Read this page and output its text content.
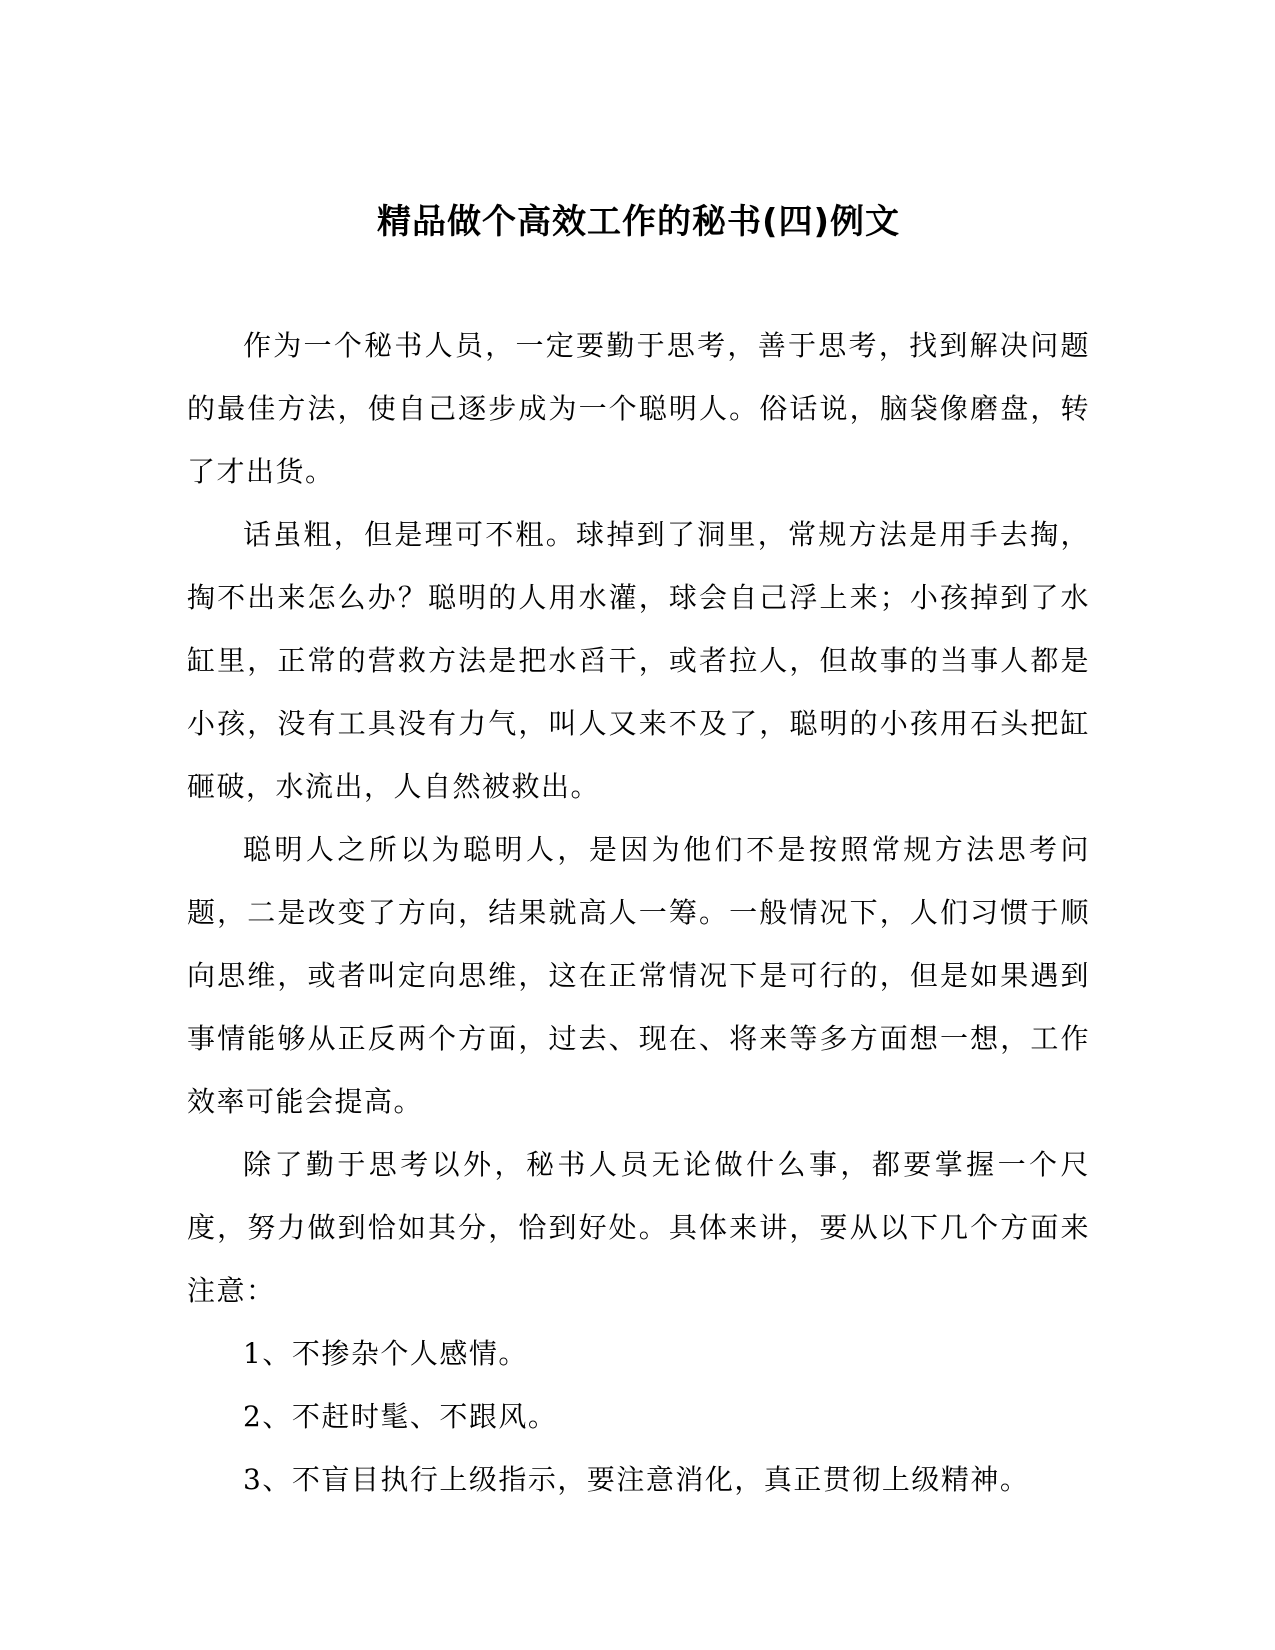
精品做个高效工作的秘书(四)例文

作为一个秘书人员，一定要勤于思考，善于思考，找到解决问题的最佳方法，使自己逐步成为一个聪明人。俗话说，脑袋像磨盘，转了才出货。

话虽粗，但是理可不粗。球掉到了洞里，常规方法是用手去掏，掏不出来怎么办？聪明的人用水灌，球会自己浮上来；小孩掉到了水缸里，正常的营救方法是把水舀干，或者拉人，但故事的当事人都是小孩，没有工具没有力气，叫人又来不及了，聪明的小孩用石头把缸砸破，水流出，人自然被救出。

聪明人之所以为聪明人，是因为他们不是按照常规方法思考问题，二是改变了方向，结果就高人一筹。一般情况下，人们习惯于顺向思维，或者叫定向思维，这在正常情况下是可行的，但是如果遇到事情能够从正反两个方面，过去、现在、将来等多方面想一想，工作效率可能会提高。

除了勤于思考以外，秘书人员无论做什么事，都要掌握一个尺度，努力做到恰如其分，恰到好处。具体来讲，要从以下几个方面来注意：

1、不掺杂个人感情。

2、不赶时髦、不跟风。

3、不盲目执行上级指示，要注意消化，真正贯彻上级精神。
